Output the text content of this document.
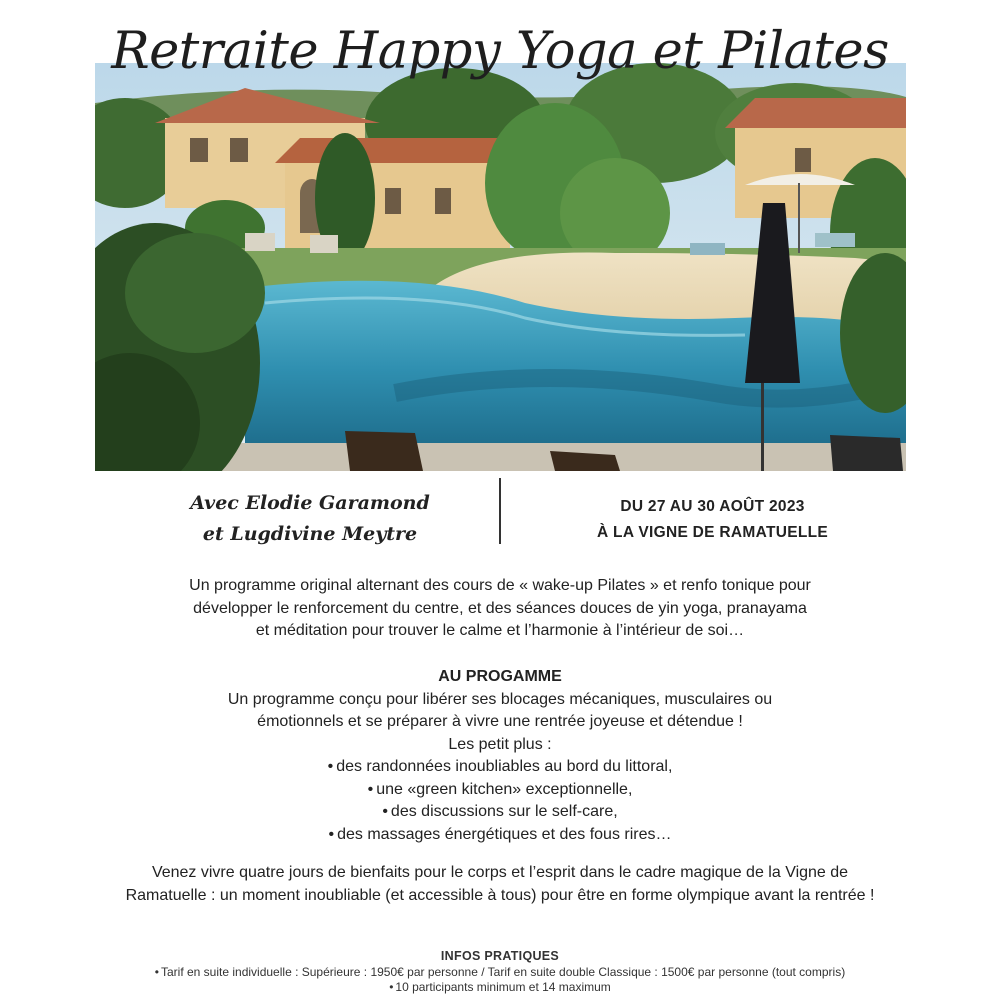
Retraite Happy Yoga et Pilates
Avec Elodie Garamond
et Lugdivine Meytre
DU 27 AU 30 AOÛT 2023
À LA VIGNE DE RAMATUELLE
Un programme original alternant des cours de « wake-up Pilates » et renfo tonique pour
développer le renforcement du centre, et des séances douces de yin yoga, pranayama
et méditation pour trouver le calme et l’harmonie à l’intérieur de soi…
AU PROGAMME
Un programme conçu pour libérer ses blocages mécaniques, musculaires ou
émotionnels et se préparer à vivre une rentrée joyeuse et détendue !
Les petit plus :
• des randonnées inoubliables au bord du littoral,
• une «green kitchen» exceptionnelle,
• des discussions sur le self-care,
• des massages énergétiques et des fous rires…
Venez vivre quatre jours de bienfaits pour le corps et l’esprit dans le cadre magique de la Vigne de
Ramatuelle : un moment inoubliable (et accessible à tous) pour être en forme olympique avant la rentrée !
INFOS PRATIQUES
• Tarif en suite individuelle : Supérieure : 1950€ par personne / Tarif en suite double Classique : 1500€ par personne (tout compris)
• 10 participants minimum et 14 maximum
